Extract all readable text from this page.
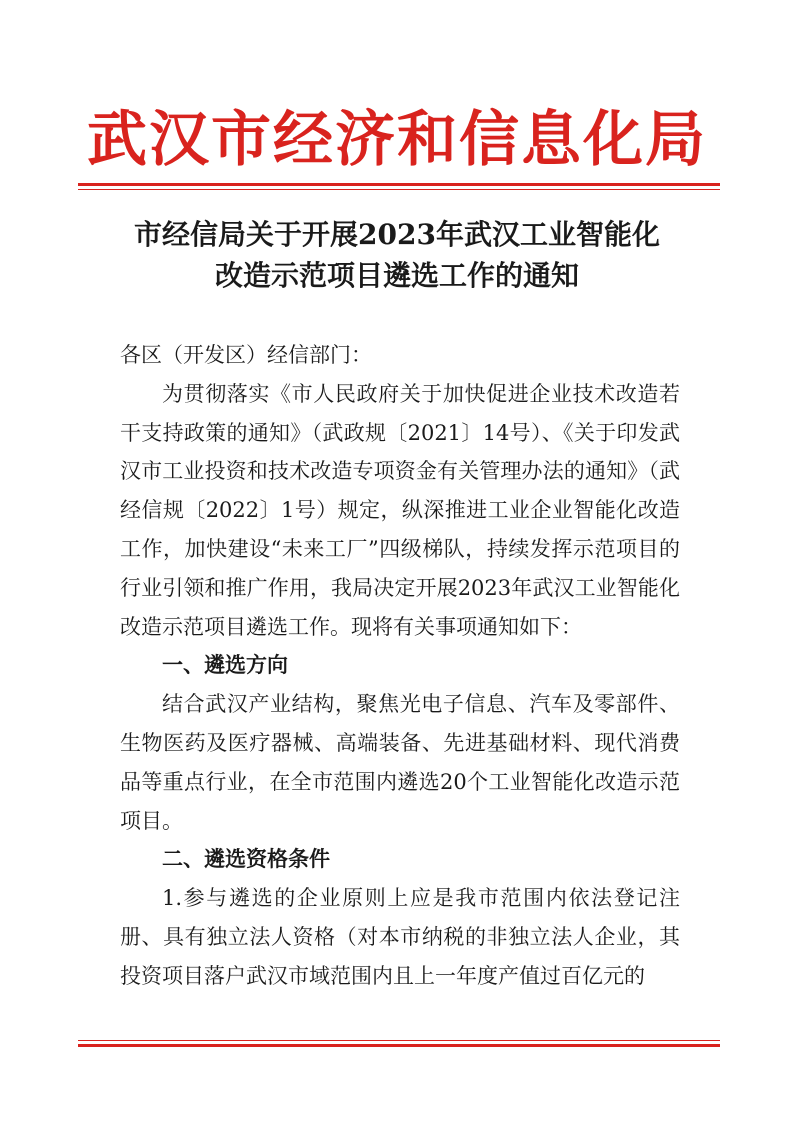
武汉市经济和信息化局
市经信局关于开展2023年武汉工业智能化
改造示范项目遴选工作的通知

各区（开发区）经信部门：

为贯彻落实《市人民政府关于加快促进企业技术改造若干支持政策的通知》（武政规〔2021〕14号）、《关于印发武汉市工业投资和技术改造专项资金有关管理办法的通知》（武经信规〔2022〕1号）规定，纵深推进工业企业智能化改造工作，加快建设“未来工厂”四级梯队，持续发挥示范项目的行业引领和推广作用，我局决定开展2023年武汉工业智能化改造示范项目遴选工作。现将有关事项通知如下：

一、遴选方向

结合武汉产业结构，聚焦光电子信息、汽车及零部件、生物医药及医疗器械、高端装备、先进基础材料、现代消费品等重点行业，在全市范围内遴选20个工业智能化改造示范项目。

二、遴选资格条件

1.参与遴选的企业原则上应是我市范围内依法登记注册、具有独立法人资格（对本市纳税的非独立法人企业，其投资项目落户武汉市域范围内且上一年度产值过百亿元的
